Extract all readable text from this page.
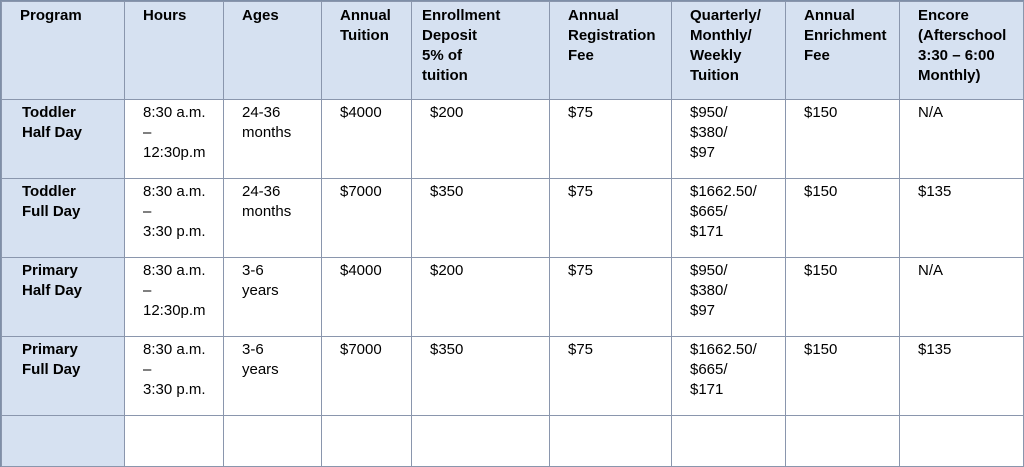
Program	Hours	Ages	Annual
Tuition	Enrollment
Deposit
5% of
tuition	Annual
Registration
Fee	Quarterly/
Monthly/
Weekly
Tuition	Annual
Enrichment
Fee	Encore
(Afterschool
3:30 – 6:00
Monthly)

Toddler
Half Day	8:30 a.m.
–
12:30p.m	24-36
months	$4000	$200	$75	$950/
$380/
$97	$150	N/A

Toddler
Full Day	8:30 a.m.
–
3:30 p.m.	24-36
months	$7000	$350	$75	$1662.50/
$665/
$171	$150	$135

Primary
Half Day	8:30 a.m.
–
12:30p.m	3-6
years	$4000	$200	$75	$950/
$380/
$97	$150	N/A

Primary
Full Day	8:30 a.m.
–
3:30 p.m.	3-6
years	$7000	$350	$75	$1662.50/
$665/
$171	$150	$135
